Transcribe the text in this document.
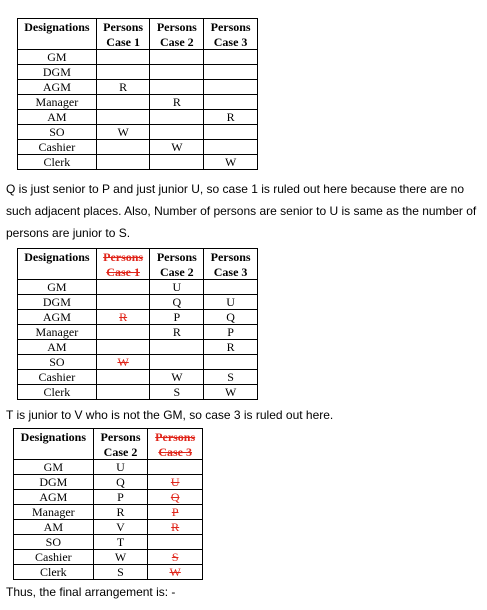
Designations	Persons	Persons	Persons
	Case 1	Case 2	Case 3
GM			
DGM			
AGM	R		
Manager		R	
AM			R
SO	W		
Cashier		W	
Clerk			W
Q is just senior to P and just junior U, so case 1 is ruled out here because there are no such adjacent places. Also, Number of persons are senior to U is same as the number of persons are junior to S.
Designations	Persons	Persons	Persons
	Case 1	Case 2	Case 3
GM		U	
DGM		Q	U
AGM	R	P	Q
Manager		R	P
AM			R
SO	W		
Cashier		W	S
Clerk		S	W
T is junior to V who is not the GM, so case 3 is ruled out here.
Designations	Persons	Persons
	Case 2	Case 3
GM	U	
DGM	Q	U
AGM	P	Q
Manager	R	P
AM	V	R
SO	T	
Cashier	W	S
Clerk	S	W
Thus, the final arrangement is: -
